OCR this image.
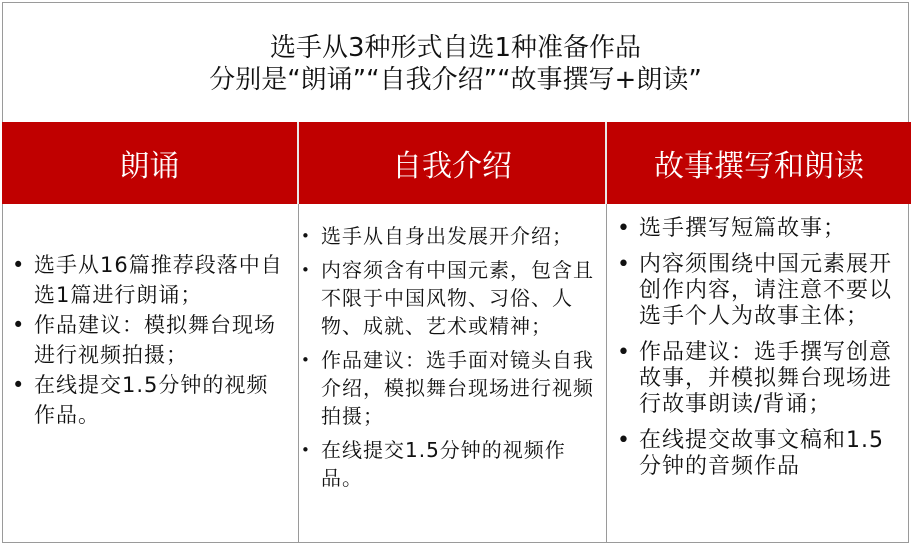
选手从3种形式自选1种准备作品
分别是“朗诵”“自我介绍”“故事撰写+朗读”
朗诵	自我介绍	故事撰写和朗读
• 选手从16篇推荐段落中自选1篇进行朗诵；
• 作品建议：模拟舞台现场进行视频拍摄；
• 在线提交1.5分钟的视频作品。
• 选手从自身出发展开介绍；
• 内容须含有中国元素，包含且不限于中国风物、习俗、人物、成就、艺术或精神；
• 作品建议：选手面对镜头自我介绍，模拟舞台现场进行视频拍摄；
• 在线提交1.5分钟的视频作品。
• 选手撰写短篇故事；
• 内容须围绕中国元素展开创作内容，请注意不要以选手个人为故事主体；
• 作品建议：选手撰写创意故事，并模拟舞台现场进行故事朗读/背诵；
• 在线提交故事文稿和1.5分钟的音频作品
